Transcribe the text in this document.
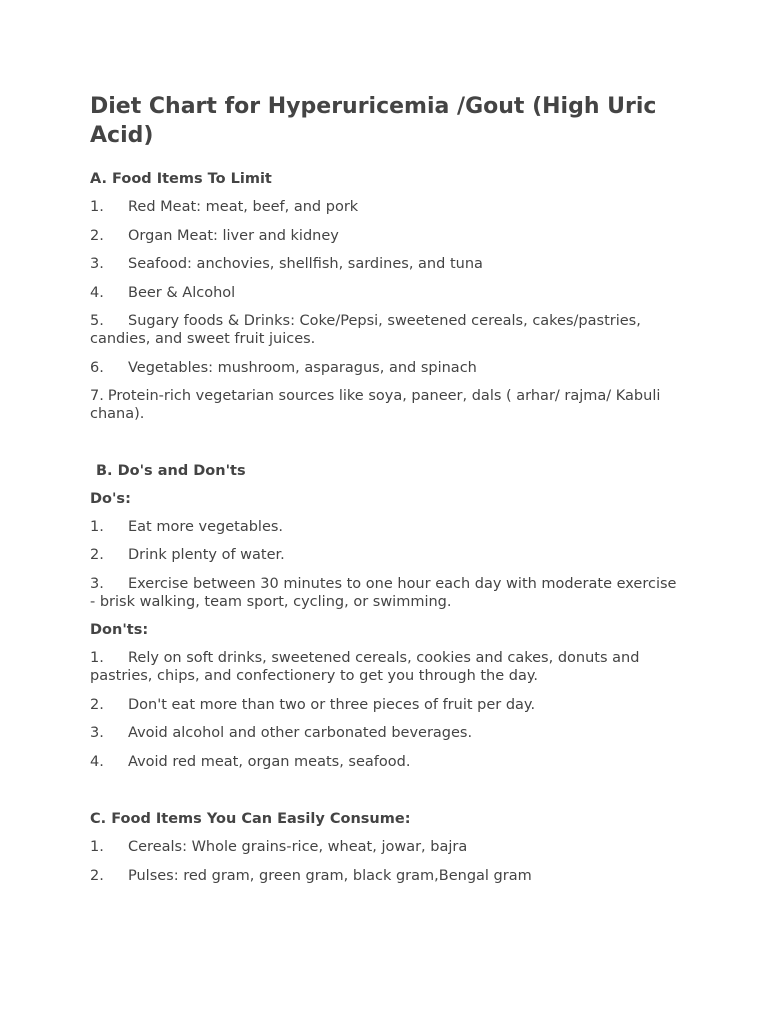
Diet Chart for Hyperuricemia /Gout (High Uric Acid)
A. Food Items To Limit
1. Red Meat: meat, beef, and pork
2. Organ Meat: liver and kidney
3. Seafood: anchovies, shellfish, sardines, and tuna
4. Beer & Alcohol
5. Sugary foods & Drinks: Coke/Pepsi, sweetened cereals, cakes/pastries, candies, and sweet fruit juices.
6. Vegetables: mushroom, asparagus, and spinach
7. Protein-rich vegetarian sources like soya, paneer, dals ( arhar/ rajma/ Kabuli chana).
B. Do's and Don'ts
Do's:
1. Eat more vegetables.
2. Drink plenty of water.
3. Exercise between 30 minutes to one hour each day with moderate exercise - brisk walking, team sport, cycling, or swimming.
Don'ts:
1. Rely on soft drinks, sweetened cereals, cookies and cakes, donuts and pastries, chips, and confectionery to get you through the day.
2. Don't eat more than two or three pieces of fruit per day.
3. Avoid alcohol and other carbonated beverages.
4. Avoid red meat, organ meats, seafood.
C. Food Items You Can Easily Consume:
1. Cereals: Whole grains-rice, wheat, jowar, bajra
2. Pulses: red gram, green gram, black gram,Bengal gram
